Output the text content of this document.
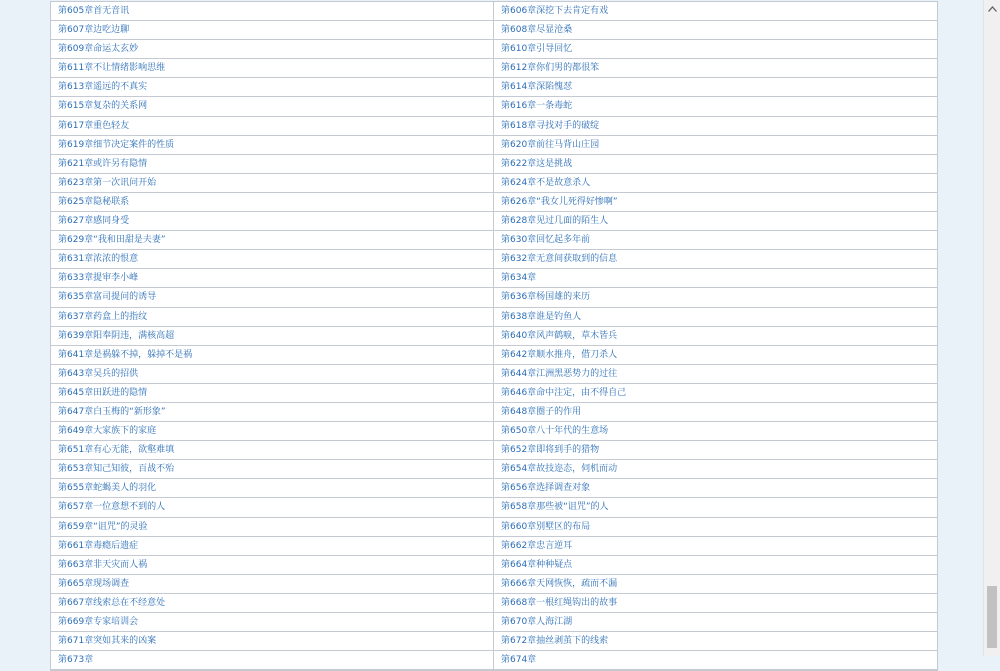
第605章首无音讯	第606章深挖下去肯定有戏
第607章边吃边聊	第608章尽显沧桑
第609章命运太玄妙	第610章引导回忆
第611章不让情绪影响思维	第612章你们男的都很笨
第613章遥远的不真实	第614章深陷愧怼
第615章复杂的关系网	第616章一条毒蛇
第617章重色轻友	第618章寻找对手的破绽
第619章细节决定案件的性质	第620章前往马背山庄园
第621章或许另有隐情	第622章这是挑战
第623章第一次讯问开始	第624章不是故意杀人
第625章隐秘联系	第626章“我女儿死得好惨啊”
第627章感同身受	第628章见过几面的陌生人
第629章“我和田甜是夫妻”	第630章回忆起多年前
第631章浓浓的恨意	第632章无意间获取到的信息
第633章提审李小峰	第634章
第635章富司提问的诱导	第636章杨国雄的来历
第637章药盒上的指纹	第638章谁是钓鱼人
第639章阳奉阴违，满核高超	第640章风声鹤唳，草木皆兵
第641章是祸躲不掉，躲掉不是祸	第642章顺水推舟，借刀杀人
第643章吴兵的招供	第644章江洲黑恶势力的过往
第645章田跃进的隐情	第646章命中注定，由不得自己
第647章白玉梅的“新形象”	第648章圈子的作用
第649章大家族下的家庭	第650章八十年代的生意场
第651章有心无能，欲壑难填	第652章即将到手的猎物
第653章知己知彼，百战不殆	第654章故技迩态，伺机而动
第655章蛇蝎美人的羽化	第656章选择调查对象
第657章一位意想不到的人	第658章那些被“诅咒”的人
第659章“诅咒”的灵验	第660章别墅区的布局
第661章毒瘾后遗症	第662章忠言逆耳
第663章非天灾而人祸	第664章种种疑点
第665章现场调查	第666章天网恢恢，疏而不漏
第667章线索总在不经意处	第668章一根红绳钩出的故事
第669章专家培训会	第670章人海江湖
第671章突如其来的凶案	第672章抽丝剥茧下的线索
第673章	第674章
